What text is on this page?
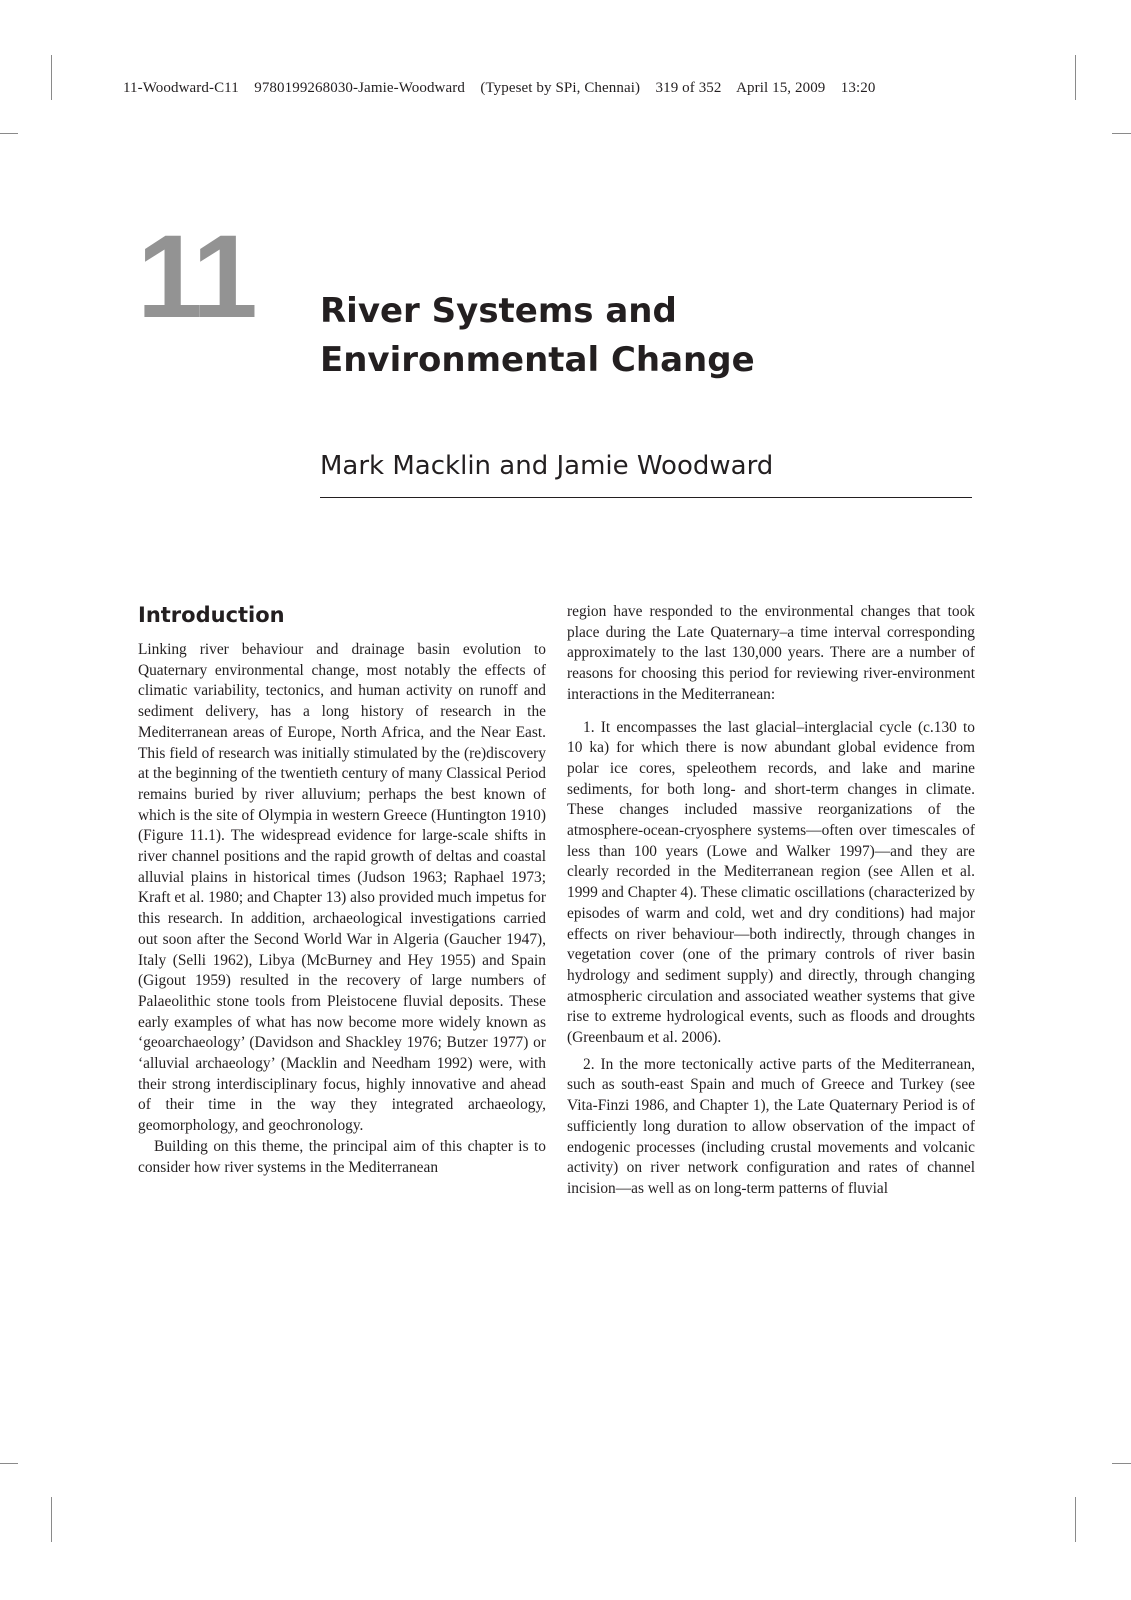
11-Woodward-C11    9780199268030-Jamie-Woodward    (Typeset by SPi, Chennai)    319 of 352    April 15, 2009    13:20
11 River Systems and
Environmental Change
Mark Macklin and Jamie Woodward
Introduction

Linking river behaviour and drainage basin evolution to Quaternary environmental change, most notably the effects of climatic variability, tectonics, and human activity on runoff and sediment delivery, has a long history of research in the Mediterranean areas of Europe, North Africa, and the Near East. This field of research was initially stimulated by the (re)discovery at the beginning of the twentieth century of many Classical Period remains buried by river alluvium; perhaps the best known of which is the site of Olympia in western Greece (Huntington 1910) (Figure 11.1). The widespread evidence for large-scale shifts in river channel positions and the rapid growth of deltas and coastal alluvial plains in historical times (Judson 1963; Raphael 1973; Kraft et al. 1980; and Chapter 13) also provided much impetus for this research. In addition, archaeological investigations carried out soon after the Second World War in Algeria (Gaucher 1947), Italy (Selli 1962), Libya (McBurney and Hey 1955) and Spain (Gigout 1959) resulted in the recovery of large numbers of Palaeolithic stone tools from Pleistocene fluvial deposits. These early examples of what has now become more widely known as ‘geoarchaeology’ (Davidson and Shackley 1976; Butzer 1977) or ‘alluvial archaeology’ (Macklin and Needham 1992) were, with their strong interdisciplinary focus, highly innovative and ahead of their time in the way they integrated archaeology, geomorphology, and geochronology.

Building on this theme, the principal aim of this chapter is to consider how river systems in the Mediterranean

region have responded to the environmental changes that took place during the Late Quaternary–a time interval corresponding approximately to the last 130,000 years. There are a number of reasons for choosing this period for reviewing river-environment interactions in the Mediterranean:

1. It encompasses the last glacial–interglacial cycle (c.130 to 10 ka) for which there is now abundant global evidence from polar ice cores, speleothem records, and lake and marine sediments, for both long- and short-term changes in climate. These changes included massive reorganizations of the atmosphere-ocean-cryosphere systems—often over timescales of less than 100 years (Lowe and Walker 1997)—and they are clearly recorded in the Mediterranean region (see Allen et al. 1999 and Chapter 4). These climatic oscillations (characterized by episodes of warm and cold, wet and dry conditions) had major effects on river behaviour—both indirectly, through changes in vegetation cover (one of the primary controls of river basin hydrology and sediment supply) and directly, through changing atmospheric circulation and associated weather systems that give rise to extreme hydrological events, such as floods and droughts (Greenbaum et al. 2006).

2. In the more tectonically active parts of the Mediterranean, such as south-east Spain and much of Greece and Turkey (see Vita-Finzi 1986, and Chapter 1), the Late Quaternary Period is of sufficiently long duration to allow observation of the impact of endogenic processes (including crustal movements and volcanic activity) on river network configuration and rates of channel incision—as well as on long-term patterns of fluvial
